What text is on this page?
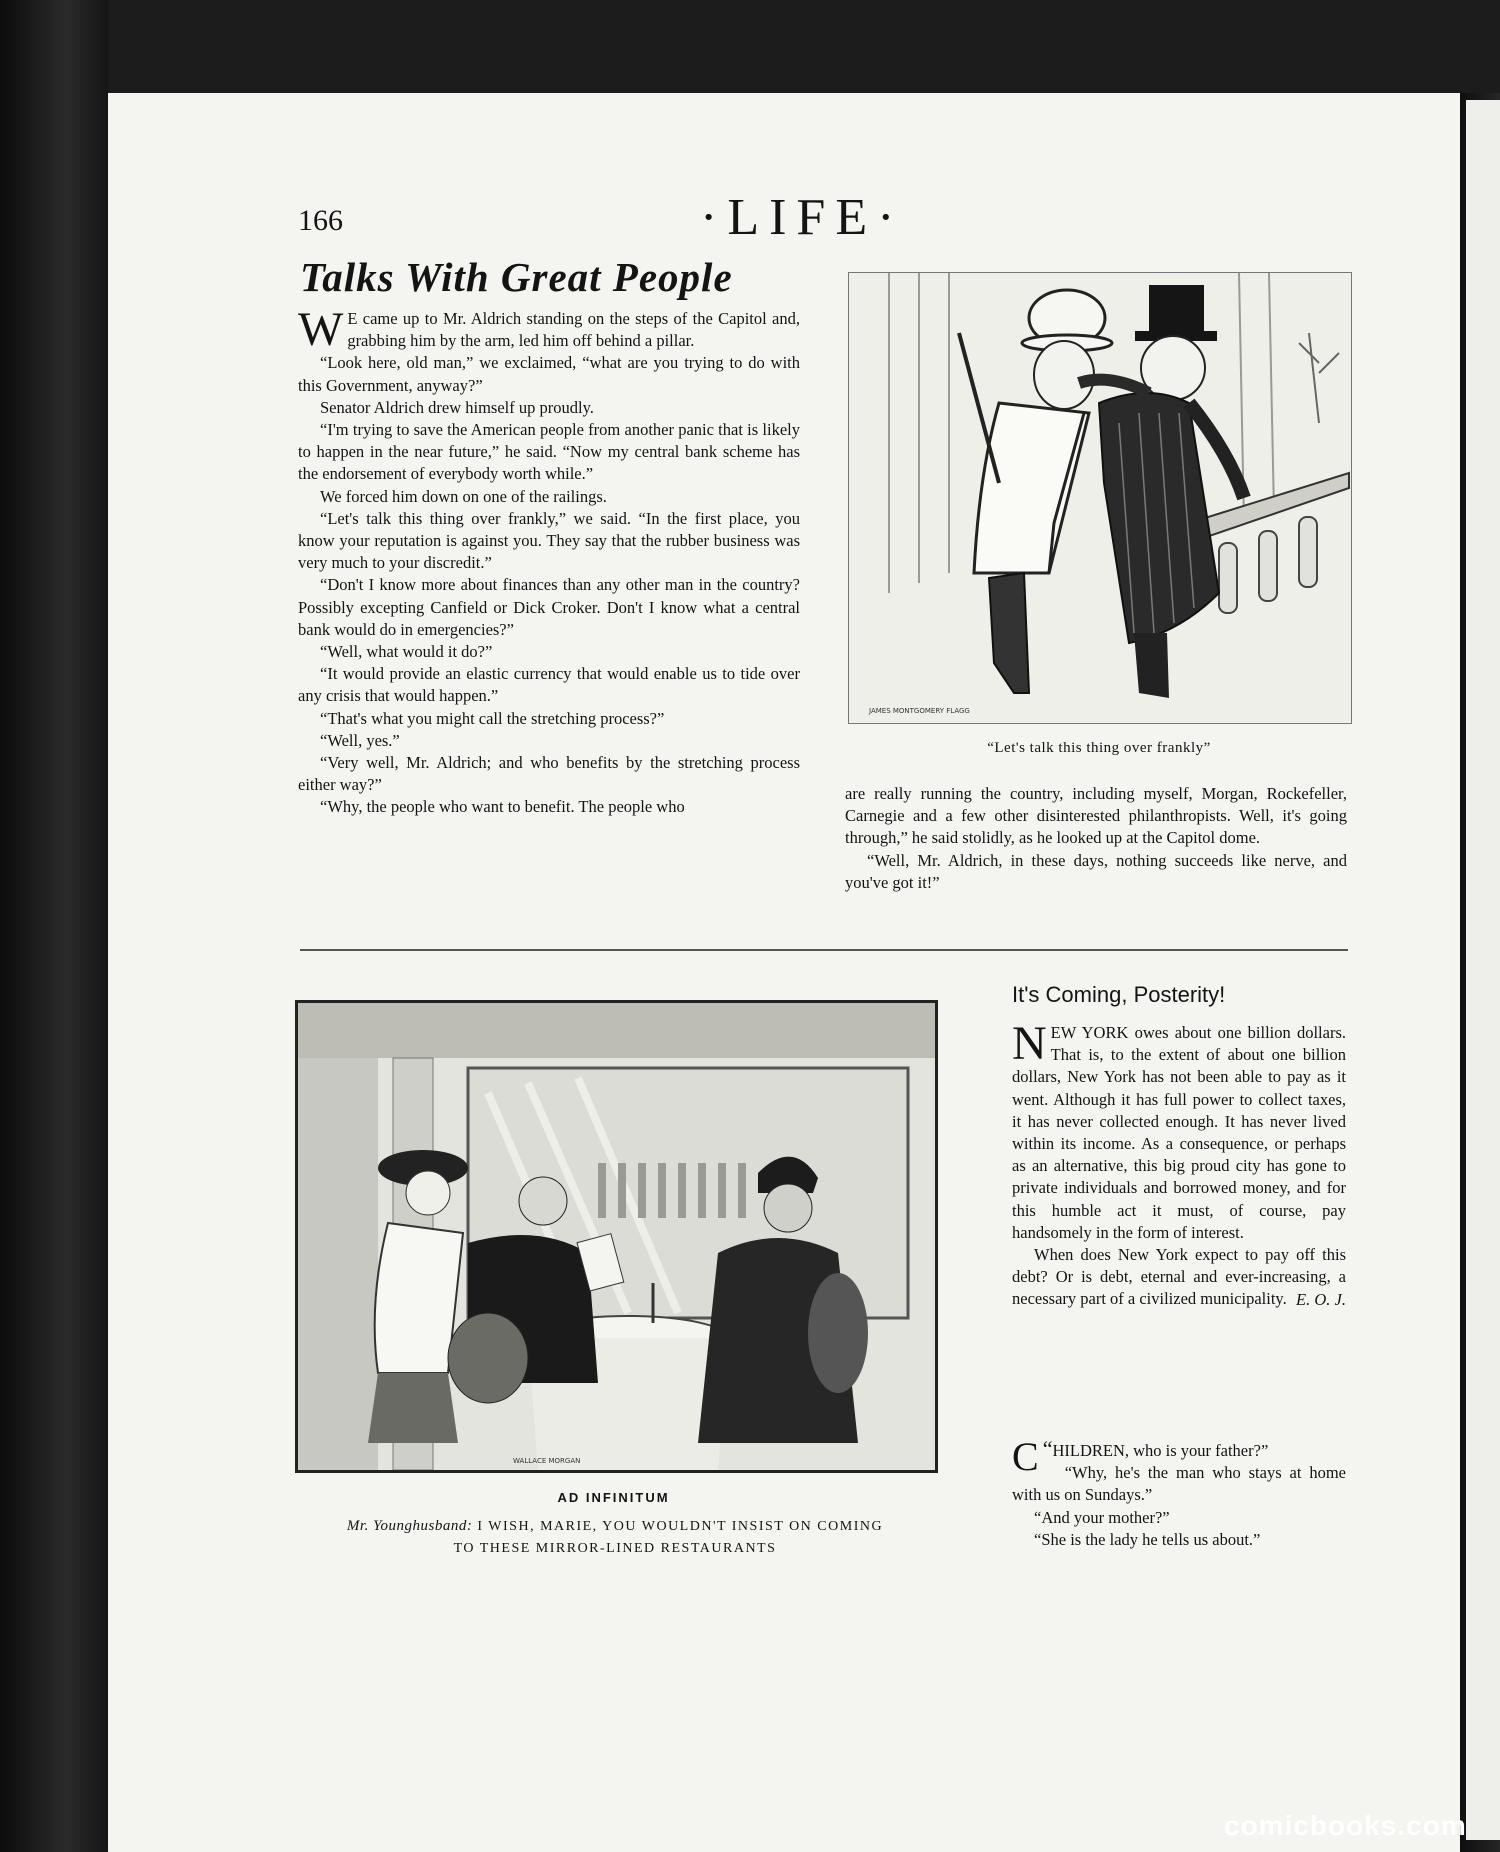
166	·LIFE·
Talks With Great People

W E came up to Mr. Aldrich standing on the steps of the Capitol and, grabbing him by the arm, led him off behind a pillar.

“Look here, old man,” we exclaimed, “what are you trying to do with this Government, anyway?”

Senator Aldrich drew himself up proudly.

“I'm trying to save the American people from another panic that is likely to happen in the near future,” he said. “Now my central bank scheme has the endorsement of everybody worth while.”

We forced him down on one of the railings.

“Let's talk this thing over frankly,” we said. “In the first place, you know your reputation is against you. They say that the rubber business was very much to your discredit.”

“Don't I know more about finances than any other man in the country? Possibly excepting Canfield or Dick Croker. Don't I know what a central bank would do in emergencies?”

“Well, what would it do?”

“It would provide an elastic currency that would enable us to tide over any crisis that would happen.”

“That's what you might call the stretching process?”

“Well, yes.”

“Very well, Mr. Aldrich; and who benefits by the stretching process either way?”

“Why, the people who want to benefit. The people who

JAMES MONTGOMERY FLAGG
“Let's talk this thing over frankly”

are really running the country, including myself, Morgan, Rockefeller, Carnegie and a few other disinterested philanthropists. Well, it's going through,” he said stolidly, as he looked up at the Capitol dome.

“Well, Mr. Aldrich, in these days, nothing succeeds like nerve, and you've got it!”

WALLACE MORGAN
AD INFINITUM
Mr. Younghusband: I WISH, MARIE, YOU WOULDN'T INSIST ON COMING TO THESE MIRROR-LINED RESTAURANTS
It's Coming, Posterity!

NEW YORK owes about one billion dollars. That is, to the extent of about one billion dollars, New York has not been able to pay as it went. Although it has full power to collect taxes, it has never collected enough. It has never lived within its income. As a consequence, or perhaps as an alternative, this big proud city has gone to private individuals and borrowed money, and for this humble act it must, of course, pay handsomely in the form of interest.

When does New York expect to pay off this debt? Or is debt, eternal and ever-increasing, a necessary part of a civilized municipality. E. O. J.

“
C HILDREN, who is your father?”

“Why, he's the man who stays at home with us on Sundays.”

“And your mother?”

“She is the lady he tells us about.”

comicbooks.com
